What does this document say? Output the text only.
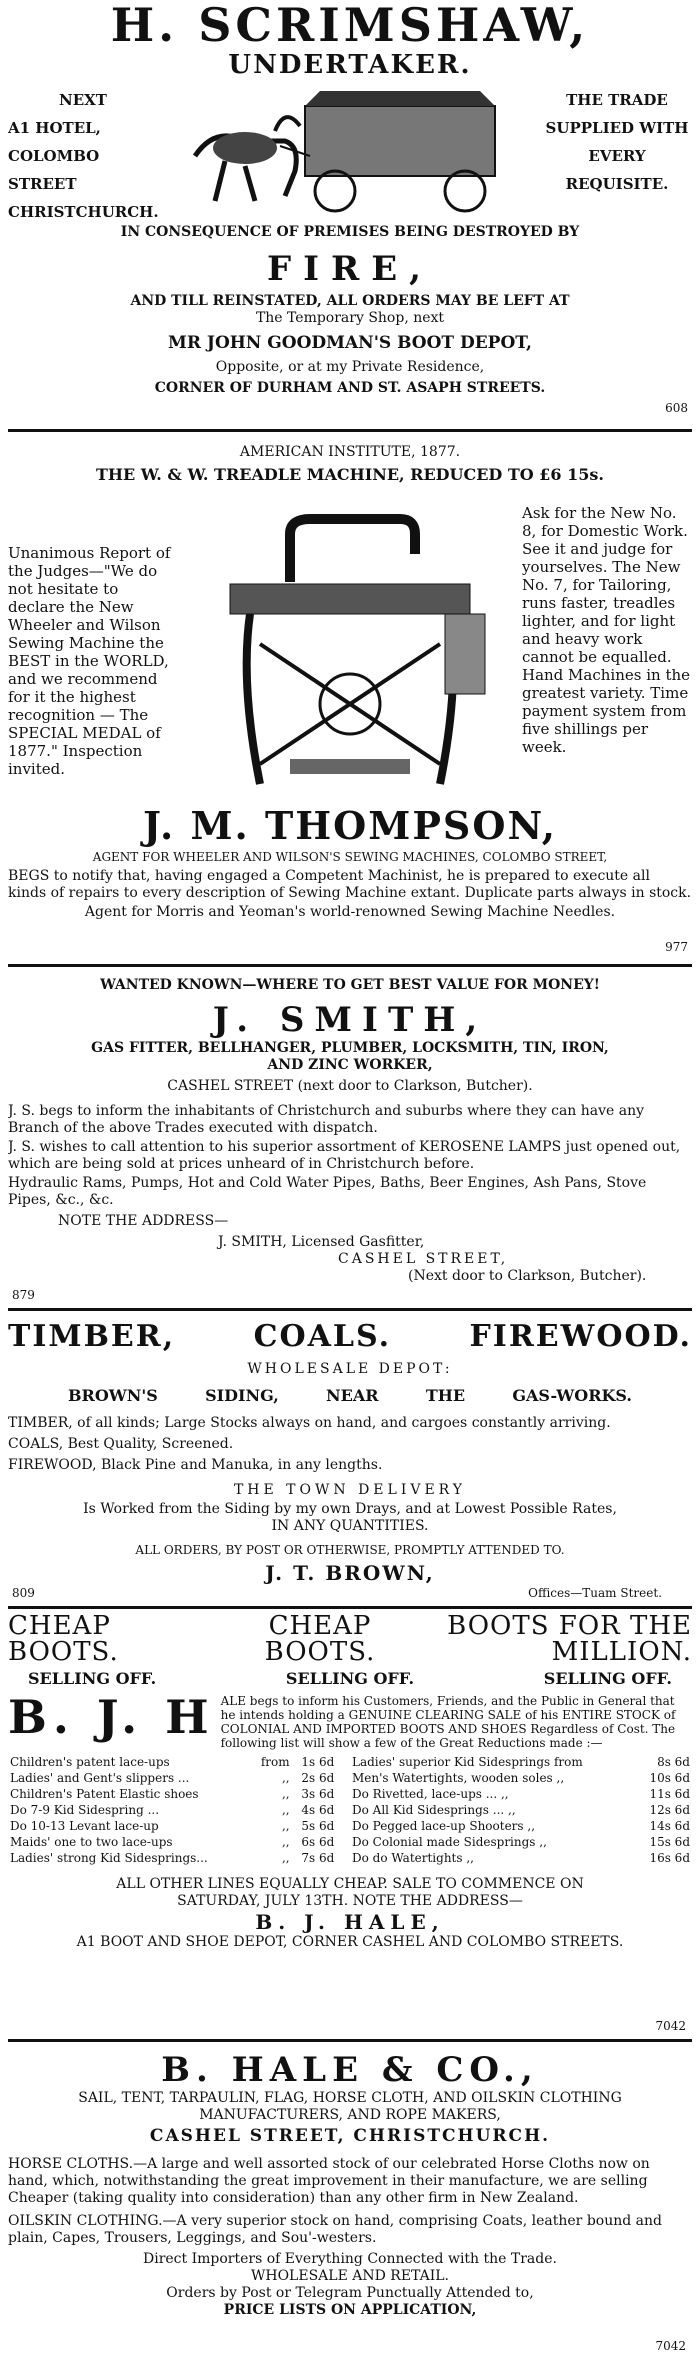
H. SCRIMSHAW,
UNDERTAKER.
NEXT
A1 HOTEL,
COLOMBO STREET
CHRISTCHURCH.
THE TRADE
SUPPLIED WITH
EVERY
REQUISITE.
IN CONSEQUENCE OF PREMISES BEING DESTROYED BY
FIRE,
AND TILL REINSTATED, ALL ORDERS MAY BE LEFT AT
The Temporary Shop, next
MR JOHN GOODMAN'S BOOT DEPOT,
Opposite, or at my Private Residence,
CORNER OF DURHAM AND ST. ASAPH STREETS.
608
AMERICAN INSTITUTE, 1877.
THE W. & W. TREADLE MACHINE, REDUCED TO £6 15s.
Unanimous Report of the Judges—"We do not hesitate to declare the New Wheeler and Wilson Sewing Machine the BEST in the WORLD, and we recommend for it the highest recognition — The SPECIAL MEDAL of 1877." Inspection invited.
Ask for the New No. 8, for Domestic Work. See it and judge for yourselves. The New No. 7, for Tailoring, runs faster, treadles lighter, and for light and heavy work cannot be equalled. Hand Machines in the greatest variety. Time payment system from five shillings per week.
J. M. THOMPSON,
AGENT FOR WHEELER AND WILSON'S SEWING MACHINES, COLOMBO STREET,
BEGS to notify that, having engaged a Competent Machinist, he is prepared to execute all kinds of repairs to every description of Sewing Machine extant. Duplicate parts always in stock.
Agent for Morris and Yeoman's world-renowned Sewing Machine Needles.
977
WANTED KNOWN—WHERE TO GET BEST VALUE FOR MONEY!
J. SMITH,
GAS FITTER, BELLHANGER, PLUMBER, LOCKSMITH, TIN, IRON,
AND ZINC WORKER,
CASHEL STREET (next door to Clarkson, Butcher).
J. S. begs to inform the inhabitants of Christchurch and suburbs where they can have any Branch of the above Trades executed with dispatch.
J. S. wishes to call attention to his superior assortment of KEROSENE LAMPS just opened out, which are being sold at prices unheard of in Christchurch before.
Hydraulic Rams, Pumps, Hot and Cold Water Pipes, Baths, Beer Engines, Ash Pans, Stove Pipes, &c., &c.
NOTE THE ADDRESS—
J. SMITH, Licensed Gasfitter,
CASHEL STREET,
(Next door to Clarkson, Butcher).
879
TIMBER,	COALS.	FIREWOOD.
WHOLESALE DEPOT:
BROWN'S	SIDING,	NEAR	THE	GAS-WORKS.
TIMBER, of all kinds; Large Stocks always on hand, and cargoes constantly arriving.
COALS, Best Quality, Screened.
FIREWOOD, Black Pine and Manuka, in any lengths.
THE TOWN DELIVERY
Is Worked from the Siding by my own Drays, and at Lowest Possible Rates,
IN ANY QUANTITIES.
ALL ORDERS, BY POST OR OTHERWISE, PROMPTLY ATTENDED TO.
J. T. BROWN,
809	Offices—Tuam Street.
CHEAP BOOTS.
CHEAP BOOTS.
BOOTS FOR THE MILLION.
SELLING OFF.	SELLING OFF.	SELLING OFF.
B. J. H ALE begs to inform his Customers, Friends, and the Public in General that he intends holding a GENUINE CLEARING SALE of his ENTIRE STOCK of COLONIAL AND IMPORTED BOOTS AND SHOES Regardless of Cost. The following list will show a few of the Great Reductions made :—
Children's patent lace-ups	from	1s 6d
Ladies' and Gent's slippers ...	,,	2s 6d
Children's Patent Elastic shoes	,,	3s 6d
Do 7-9 Kid Sidespring ...	,,	4s 6d
Do 10-13 Levant lace-up	,,	5s 6d
Maids' one to two lace-ups	,,	6s 6d
Ladies' strong Kid Sidesprings...	,,	7s 6d
Ladies' superior Kid Sidesprings from	8s 6d
Men's Watertights, wooden soles ,,	10s 6d
Do Rivetted, lace-ups ... ,,	11s 6d
Do All Kid Sidesprings ... ,,	12s 6d
Do Pegged lace-up Shooters ,,	14s 6d
Do Colonial made Sidesprings ,,	15s 6d
Do do Watertights ,,	16s 6d
ALL OTHER LINES EQUALLY CHEAP. SALE TO COMMENCE ON
SATURDAY, JULY 13TH. NOTE THE ADDRESS—
B. J. HALE,
A1 BOOT AND SHOE DEPOT, CORNER CASHEL AND COLOMBO STREETS.
7042
B. HALE & CO.,
SAIL, TENT, TARPAULIN, FLAG, HORSE CLOTH, AND OILSKIN CLOTHING
MANUFACTURERS, AND ROPE MAKERS,
CASHEL STREET, CHRISTCHURCH.
HORSE CLOTHS.—A large and well assorted stock of our celebrated Horse Cloths now on hand, which, notwithstanding the great improvement in their manufacture, we are selling Cheaper (taking quality into consideration) than any other firm in New Zealand.
OILSKIN CLOTHING.—A very superior stock on hand, comprising Coats, leather bound and plain, Capes, Trousers, Leggings, and Sou'-westers.
Direct Importers of Everything Connected with the Trade.
WHOLESALE AND RETAIL.
Orders by Post or Telegram Punctually Attended to,
PRICE LISTS ON APPLICATION,
7042
